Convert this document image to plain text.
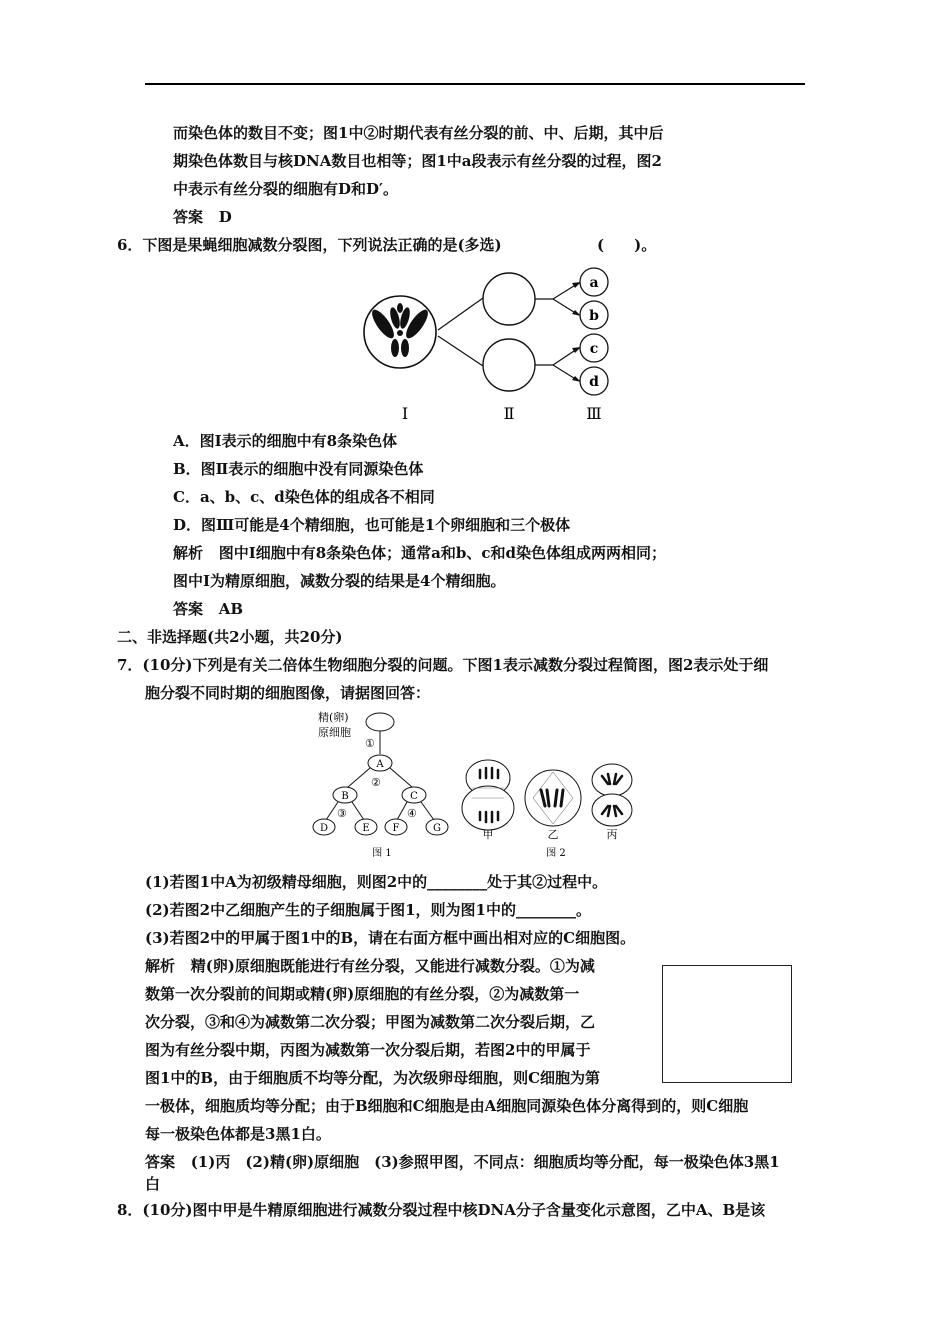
而染色体的数目不变；图1中②时期代表有丝分裂的前、中、后期，其中后
期染色体数目与核DNA数目也相等；图1中a段表示有丝分裂的过程，图2
中表示有丝分裂的细胞有D和D′。
答案 D
6．下图是果蝇细胞减数分裂图，下列说法正确的是(多选)	(　　)。
a
b
c
d
Ⅰ	Ⅱ	Ⅲ
A．图Ⅰ表示的细胞中有8条染色体
B．图Ⅱ表示的细胞中没有同源染色体
C．a、b、c、d染色体的组成各不相同
D．图Ⅲ可能是4个精细胞，也可能是1个卵细胞和三个极体
解析 图中Ⅰ细胞中有8条染色体；通常a和b、c和d染色体组成两两相同；
图中Ⅰ为精原细胞，减数分裂的结果是4个精细胞。
答案 AB
二、非选择题(共2小题，共20分)
7．(10分)下列是有关二倍体生物细胞分裂的问题。下图1表示减数分裂过程简图，图2表示处于细
胞分裂不同时期的细胞图像，请据图回答：
精(卵)
原细胞
①
A
②
B	C
③	④
D	E F	G
图 1
甲	乙	丙
图 2
(1)若图1中A为初级精母细胞，则图2中的________处于其②过程中。
(2)若图2中乙细胞产生的子细胞属于图1，则为图1中的________。
(3)若图2中的甲属于图1中的B，请在右面方框中画出相对应的C细胞图。
解析 精(卵)原细胞既能进行有丝分裂，又能进行减数分裂。①为减
数第一次分裂前的间期或精(卵)原细胞的有丝分裂，②为减数第一
次分裂，③和④为减数第二次分裂；甲图为减数第二次分裂后期，乙
图为有丝分裂中期，丙图为减数第一次分裂后期，若图2中的甲属于
图1中的B，由于细胞质不均等分配，为次级卵母细胞，则C细胞为第
一极体，细胞质均等分配；由于B细胞和C细胞是由A细胞同源染色体分离得到的，则C细胞
每一极染色体都是3黑1白。
答案 (1)丙　(2)精(卵)原细胞　(3)参照甲图，不同点：细胞质均等分配，每一极染色体3黑1
白
8．(10分)图中甲是牛精原细胞进行减数分裂过程中核DNA分子含量变化示意图，乙中A、B是该
